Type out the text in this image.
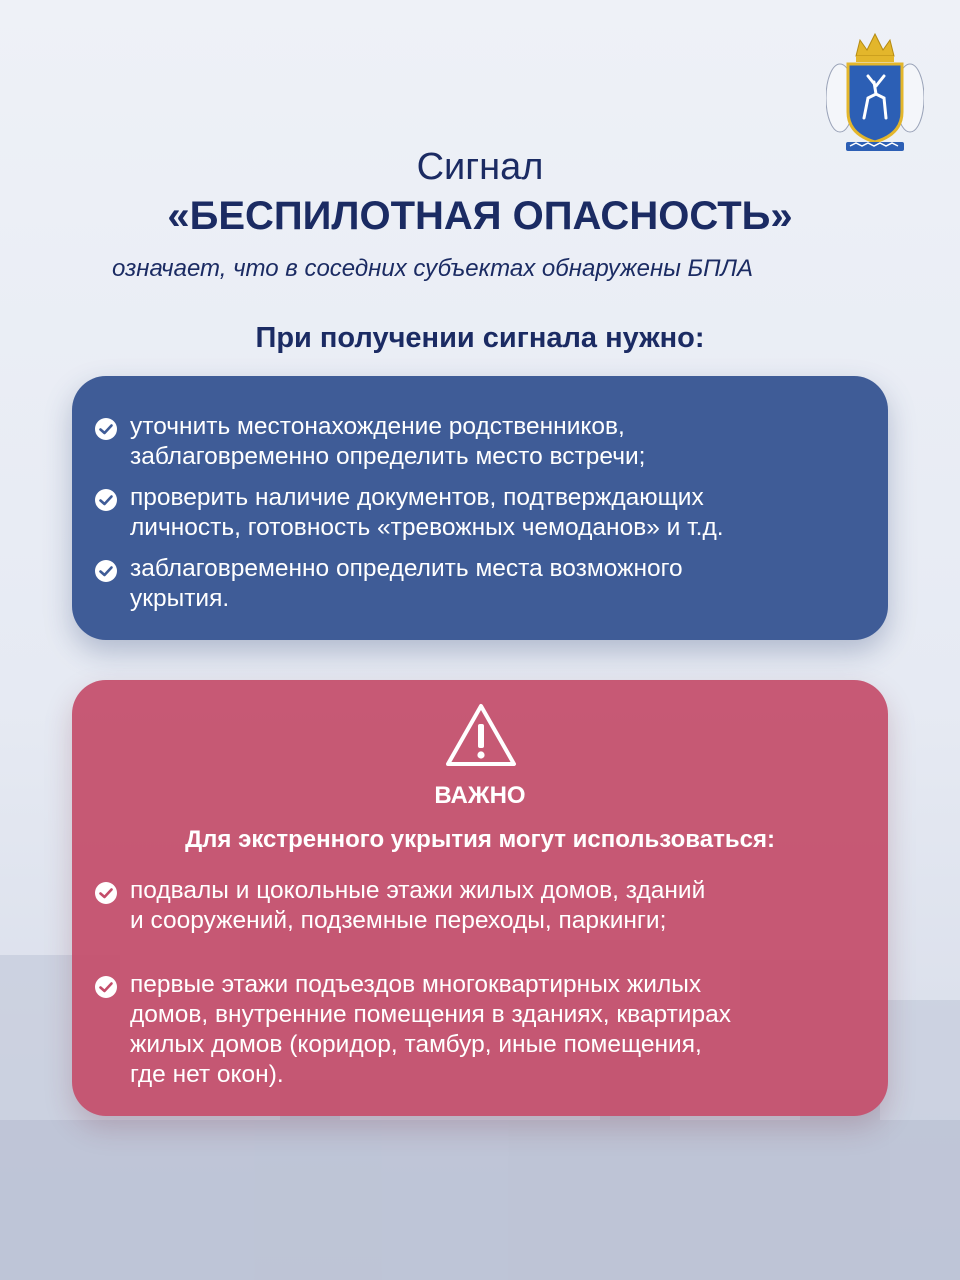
Сигнал
«БЕСПИЛОТНАЯ ОПАСНОСТЬ»
означает, что в соседних субъектах обнаружены БПЛА
При получении сигнала нужно:
уточнить местонахождение родственников,
заблаговременно определить место встречи;
проверить наличие документов, подтверждающих
личность, готовность «тревожных чемоданов» и т.д.
заблаговременно определить места возможного
укрытия.
ВАЖНО
Для экстренного укрытия могут использоваться:
подвалы и цокольные этажи жилых домов, зданий
и сооружений, подземные переходы, паркинги;
первые этажи подъездов многоквартирных жилых
домов, внутренние помещения в зданиях, квартирах
жилых домов (коридор, тамбур, иные помещения,
где нет окон).
